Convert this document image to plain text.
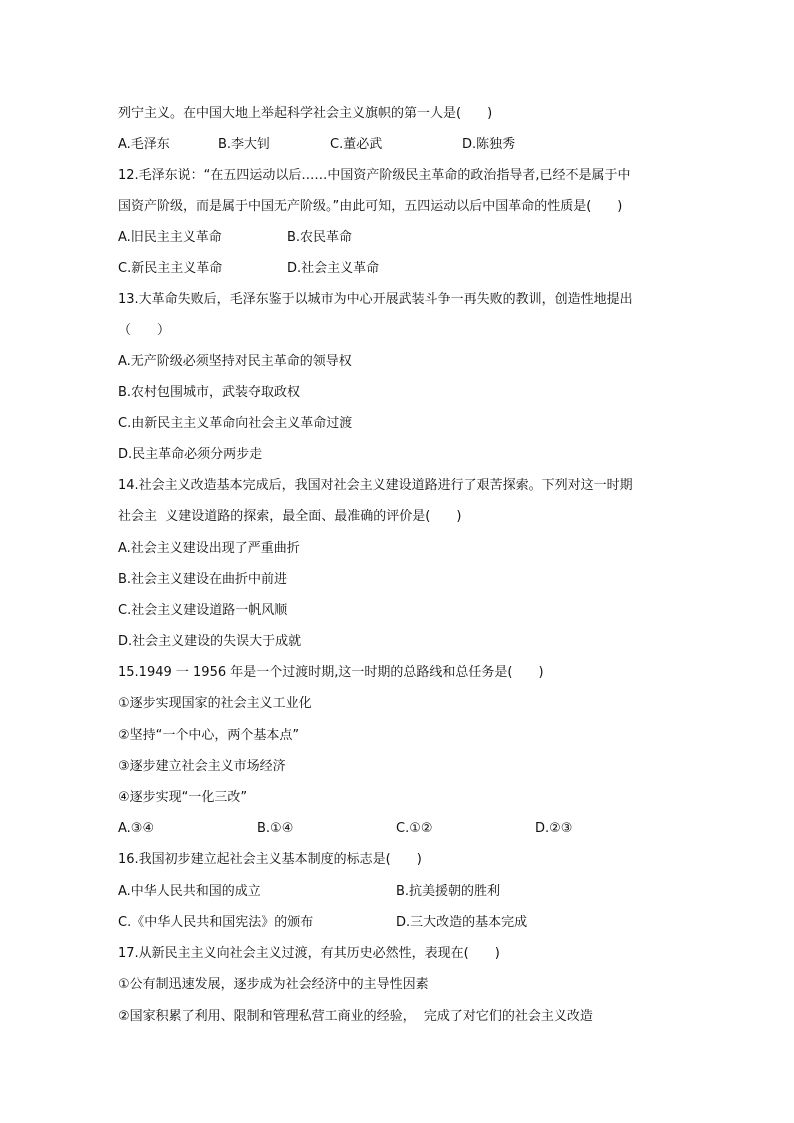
列宁主义。在中国大地上举起科学社会主义旗帜的第一人是(　　)
A.毛泽东	B.李大钊	C.董必武	D.陈独秀
12.毛泽东说：“在五四运动以后……中国资产阶级民主革命的政治指导者,已经不是属于中
国资产阶级，而是属于中国无产阶级。”由此可知，五四运动以后中国革命的性质是(　　)
A.旧民主主义革命	B.农民革命
C.新民主主义革命	D.社会主义革命
13.大革命失败后，毛泽东鉴于以城市为中心开展武装斗争一再失败的教训，创造性地提出
（　　）
A.无产阶级必须坚持对民主革命的领导权
B.农村包围城市，武装夺取政权
C.由新民主主义革命向社会主义革命过渡
D.民主革命必须分两步走
14.社会主义改造基本完成后，我国对社会主义建设道路进行了艰苦探索。下列对这一时期
社会主  义建设道路的探索，最全面、最准确的评价是(　　)
A.社会主义建设出现了严重曲折
B.社会主义建设在曲折中前进
C.社会主义建设道路一帆风顺
D.社会主义建设的失误大于成就
15.1949 一 1956 年是一个过渡时期,这一时期的总路线和总任务是(　　)
①逐步实现国家的社会主义工业化
②坚持“一个中心，两个基本点”
③逐步建立社会主义市场经济
④逐步实现“一化三改”
A.③④	B.①④	C.①②	D.②③
16.我国初步建立起社会主义基本制度的标志是(　　)
A.中华人民共和国的成立	B.抗美援朝的胜利
C.《中华人民共和国宪法》的颁布	D.三大改造的基本完成
17.从新民主主义向社会主义过渡，有其历史必然性，表现在(　　)
①公有制迅速发展，逐步成为社会经济中的主导性因素
②国家积累了利用、限制和管理私营工商业的经验，  完成了对它们的社会主义改造
